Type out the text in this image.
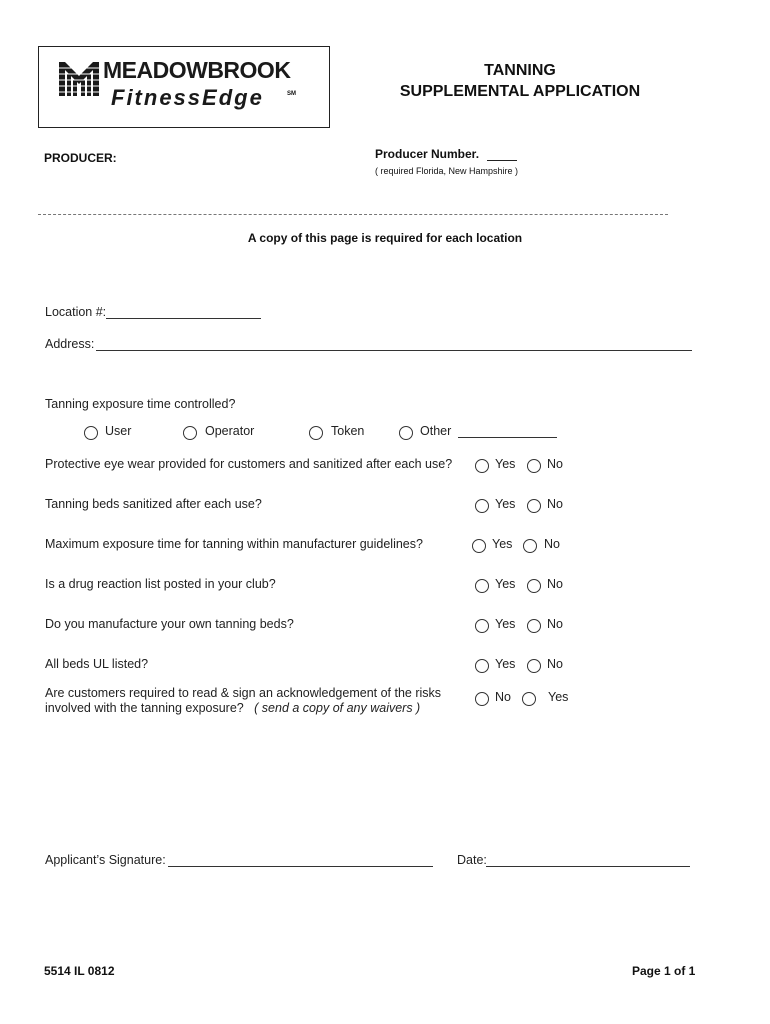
MEADOWBROOK
FitnessEdge	SM
TANNING
SUPPLEMENTAL APPLICATION
PRODUCER:	Producer Number.
( required Florida, New Hampshire )
A copy of this page is required for each location
Location #:
Address:
Tanning exposure time controlled?
User	Operator	Token	Other
Protective eye wear provided for customers and sanitized after each use?	Yes	No
Tanning beds sanitized after each use?	Yes	No
Maximum exposure time for tanning within manufacturer guidelines?	Yes	No
Is a drug reaction list posted in your club?	Yes	No
Do you manufacture your own tanning beds?	Yes	No
All beds UL listed?	Yes	No
Are customers required to read & sign an acknowledgement of the risks
involved with the tanning exposure? ( send a copy of any waivers )
No	Yes
Applicant’s Signature:	Date:
5514 IL 0812	Page 1 of 1
